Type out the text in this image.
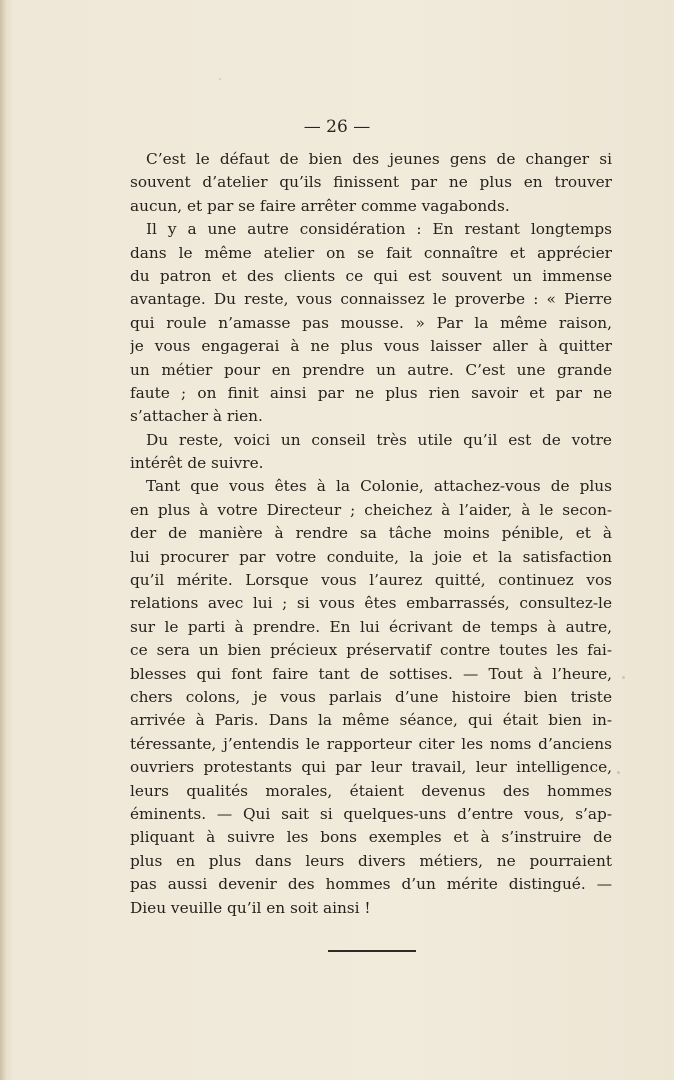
— 26 —
C’est le défaut de bien des jeunes gens de changer si
souvent d’atelier qu’ils finissent par ne plus en trouver
aucun, et par se faire arrêter comme vagabonds.
Il y a une autre considération : En restant longtemps
dans le même atelier on se fait connaître et apprécier
du patron et des clients ce qui est souvent un immense
avantage. Du reste, vous connaissez le proverbe : « Pierre
qui roule n’amasse pas mousse. » Par la même raison,
je vous engagerai à ne plus vous laisser aller à quitter
un métier pour en prendre un autre. C’est une grande
faute ; on finit ainsi par ne plus rien savoir et par ne
s’attacher à rien.
Du reste, voici un conseil très utile qu’il est de votre
intérêt de suivre.
Tant que vous êtes à la Colonie, attachez-vous de plus
en plus à votre Directeur ; cheichez à l’aider, à le secon-
der de manière à rendre sa tâche moins pénible, et à
lui procurer par votre conduite, la joie et la satisfaction
qu’il mérite. Lorsque vous l’aurez quitté, continuez vos
relations avec lui ; si vous êtes embarrassés, consultez-le
sur le parti à prendre. En lui écrivant de temps à autre,
ce sera un bien précieux préservatif contre toutes les fai-
blesses qui font faire tant de sottises. — Tout à l’heure,
chers colons, je vous parlais d’une histoire bien triste
arrivée à Paris. Dans la même séance, qui était bien in-
téressante, j’entendis le rapporteur citer les noms d’anciens
ouvriers protestants qui par leur travail, leur intelligence,
leurs qualités morales, étaient devenus des hommes
éminents. — Qui sait si quelques-uns d’entre vous, s’ap-
pliquant à suivre les bons exemples et à s’instruire de
plus en plus dans leurs divers métiers, ne pourraient
pas aussi devenir des hommes d’un mérite distingué. —
Dieu veuille qu’il en soit ainsi !
